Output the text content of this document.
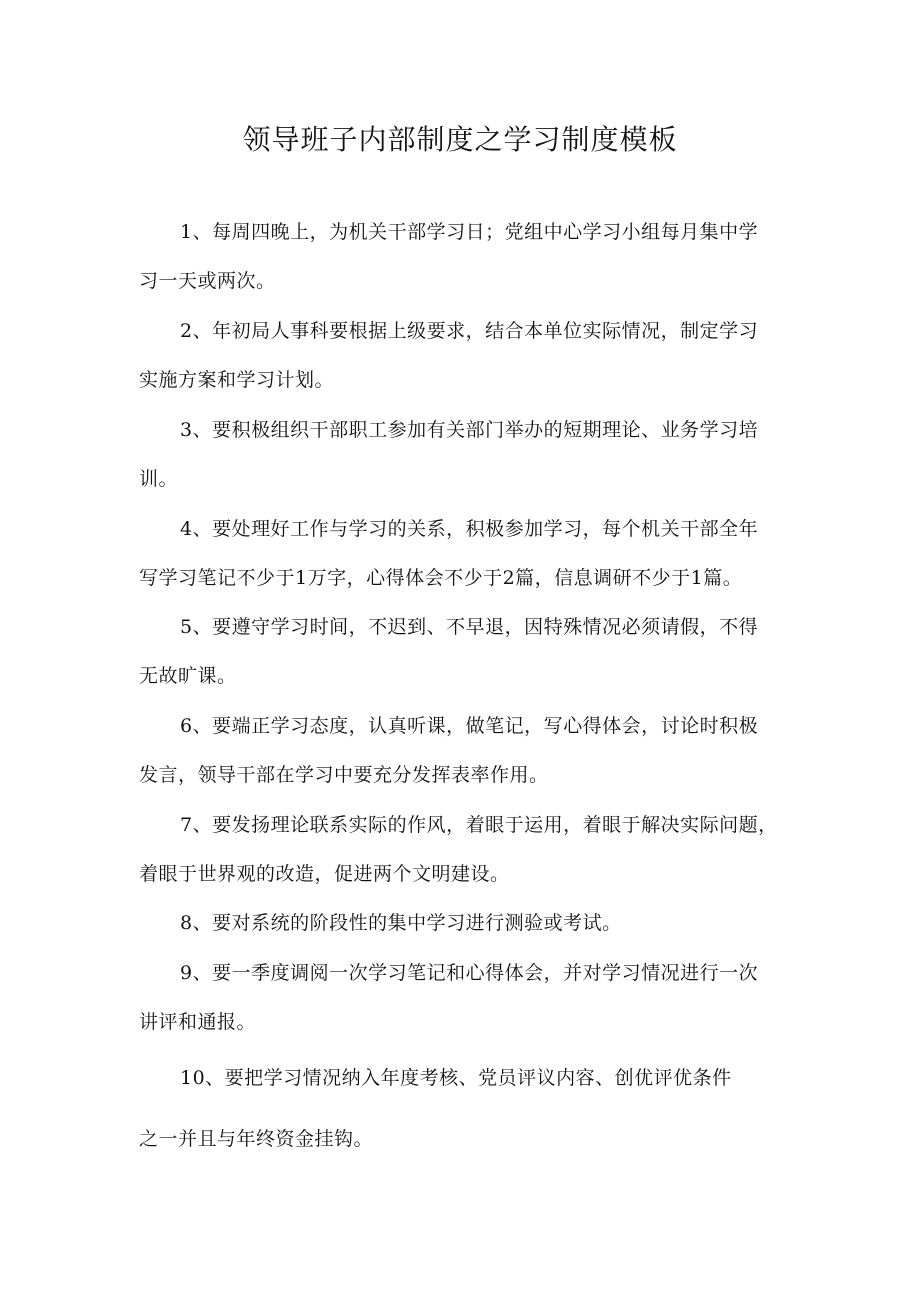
领导班子内部制度之学习制度模板
1、每周四晚上，为机关干部学习日；党组中心学习小组每月集中学
习一天或两次。
2、年初局人事科要根据上级要求，结合本单位实际情况，制定学习
实施方案和学习计划。
3、要积极组织干部职工参加有关部门举办的短期理论、业务学习培
训。
4、要处理好工作与学习的关系，积极参加学习，每个机关干部全年
写学习笔记不少于1万字，心得体会不少于2篇，信息调研不少于1篇。
5、要遵守学习时间，不迟到、不早退，因特殊情况必须请假，不得
无故旷课。
6、要端正学习态度，认真听课，做笔记，写心得体会，讨论时积极
发言，领导干部在学习中要充分发挥表率作用。
7、要发扬理论联系实际的作风，着眼于运用，着眼于解决实际问题，
着眼于世界观的改造，促进两个文明建设。
8、要对系统的阶段性的集中学习进行测验或考试。
9、要一季度调阅一次学习笔记和心得体会，并对学习情况进行一次
讲评和通报。
10、要把学习情况纳入年度考核、党员评议内容、创优评优条件
之一并且与年终资金挂钩。
